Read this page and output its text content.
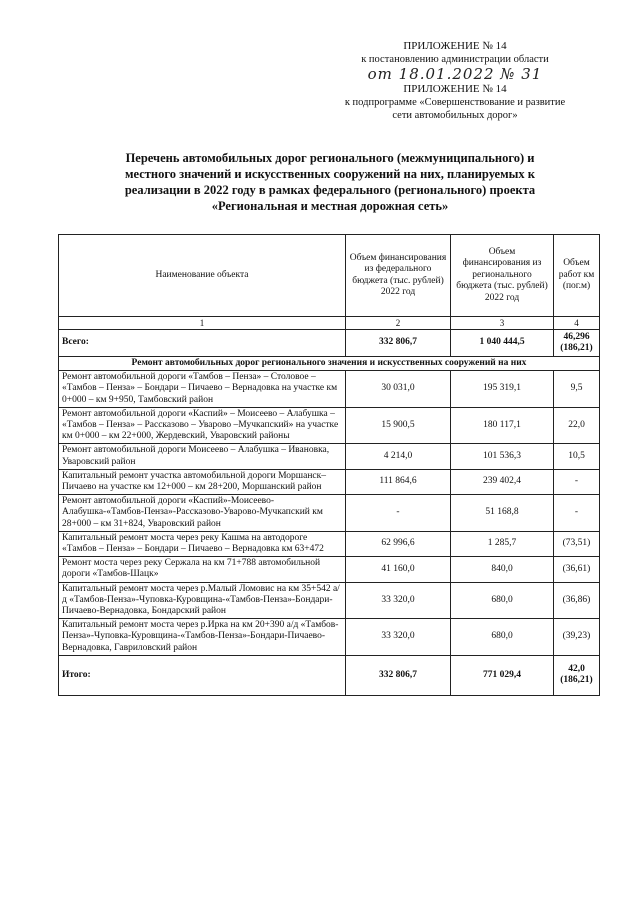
ПРИЛОЖЕНИЕ № 14
к постановлению администрации области
от 18.01.2022 № 31
ПРИЛОЖЕНИЕ № 14
к подпрограмме «Совершенствование и развитие
сети автомобильных дорог»
Перечень автомобильных дорог регионального (межмуниципального) и
местного значений и искусственных сооружений на них, планируемых к
реализации в 2022 году в рамках федерального (регионального) проекта
«Региональная и местная дорожная сеть»
Наименование объекта	Объем финансирования из федерального бюджета (тыс. рублей) 2022 год	Объем финансирования из регионального бюджета (тыс. рублей) 2022 год	Объем работ км (пог.м)
1	2	3	4
Всего:	332 806,7	1 040 444,5	46,296
(186,21)

Ремонт автомобильных дорог регионального значения и искусственных сооружений на них			
Ремонт автомобильной дороги «Тамбов – Пенза» – Столовое – «Тамбов – Пенза» – Бондари – Пичаево – Вернадовка на участке км 0+000 – км 9+950, Тамбовский район	30 031,0	195 319,1	9,5
Ремонт автомобильной дороги «Каспий» – Моисеево – Алабушка – «Тамбов – Пенза» – Рассказово – Уварово –Мучкапский» на участке км 0+000 – км 22+000, Жердевский, Уваровский районы	15 900,5	180 117,1	22,0
Ремонт автомобильной дороги Моисеево – Алабушка – Ивановка, Уваровский район	4 214,0	101 536,3	10,5
Капитальный ремонт участка автомобильной дороги Моршанск–Пичаево на участке км 12+000 – км 28+200, Моршанский район	111 864,6	239 402,4	-
Ремонт автомобильной дороги «Каспий»-Моисеево-Алабушка-«Тамбов-Пенза»-Рассказово-Уварово-Мучкапский км 28+000 – км 31+824, Уваровский район	-	51 168,8	-
Капитальный ремонт моста через реку Кашма на автодороге «Тамбов – Пенза» – Бондари – Пичаево – Вернадовка км 63+472	62 996,6	1 285,7	(73,51)
Ремонт моста через реку Сержала на км 71+788 автомобильной дороги «Тамбов-Шацк»	41 160,0	840,0	(36,61)
Капитальный ремонт моста через р.Малый Ломовис на км 35+542 а/д «Тамбов-Пенза»-Чуповка-Куровщина-«Тамбов-Пенза»-Бондари-Пичаево-Вернадовка, Бондарский район	33 320,0	680,0	(36,86)
Капитальный ремонт моста через р.Ирка на км 20+390 а/д «Тамбов-Пенза»-Чуповка-Куровщина-«Тамбов-Пенза»-Бондари-Пичаево-Вернадовка, Гавриловский район	33 320,0	680,0	(39,23)
Итого:	332 806,7	771 029,4	42,0
(186,21)
